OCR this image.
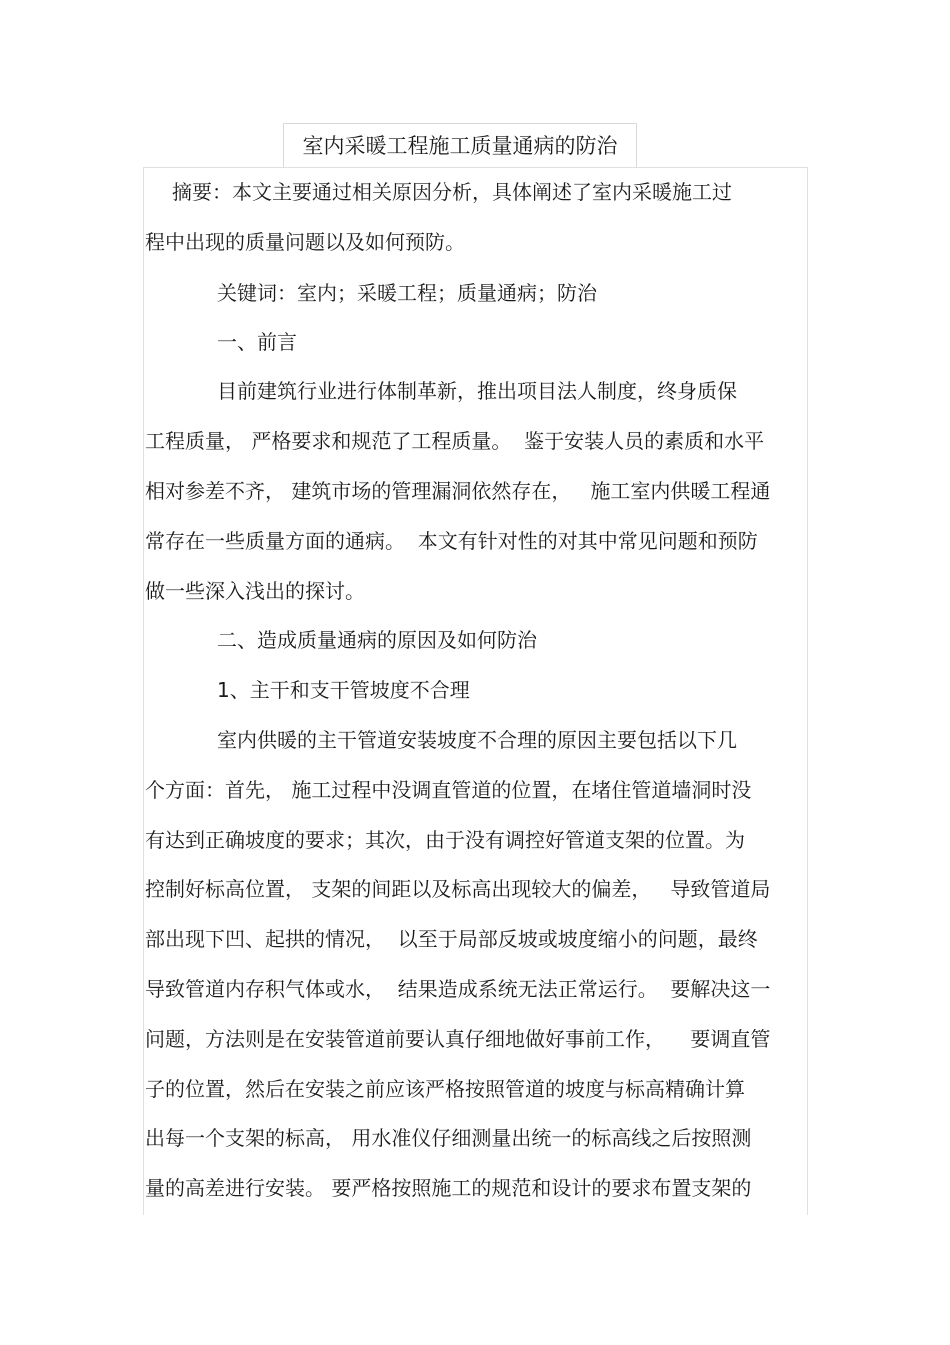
室内采暖工程施工质量通病的防治
摘要：本文主要通过相关原因分析，具体阐述了室内采暖施工过
程中出现的质量问题以及如何预防。
关键词：室内；采暖工程；质量通病；防治
一、前言
目前建筑行业进行体制革新，推出项目法人制度，终身质保
工程质量， 严格要求和规范了工程质量。  鉴于安装人员的素质和水平
相对参差不齐， 建筑市场的管理漏洞依然存在，   施工室内供暖工程通
常存在一些质量方面的通病。  本文有针对性的对其中常见问题和预防
做一些深入浅出的探讨。
二、造成质量通病的原因及如何防治
1、主干和支干管坡度不合理
室内供暖的主干管道安装坡度不合理的原因主要包括以下几
个方面：首先， 施工过程中没调直管道的位置，在堵住管道墙洞时没
有达到正确坡度的要求；其次，由于没有调控好管道支架的位置。为
控制好标高位置， 支架的间距以及标高出现较大的偏差，   导致管道局
部出现下凹、起拱的情况，  以至于局部反坡或坡度缩小的问题，最终
导致管道内存积气体或水，  结果造成系统无法正常运行。  要解决这一
问题，方法则是在安装管道前要认真仔细地做好事前工作，    要调直管
子的位置，然后在安装之前应该严格按照管道的坡度与标高精确计算
出每一个支架的标高， 用水准仪仔细测量出统一的标高线之后按照测
量的高差进行安装。 要严格按照施工的规范和设计的要求布置支架的
